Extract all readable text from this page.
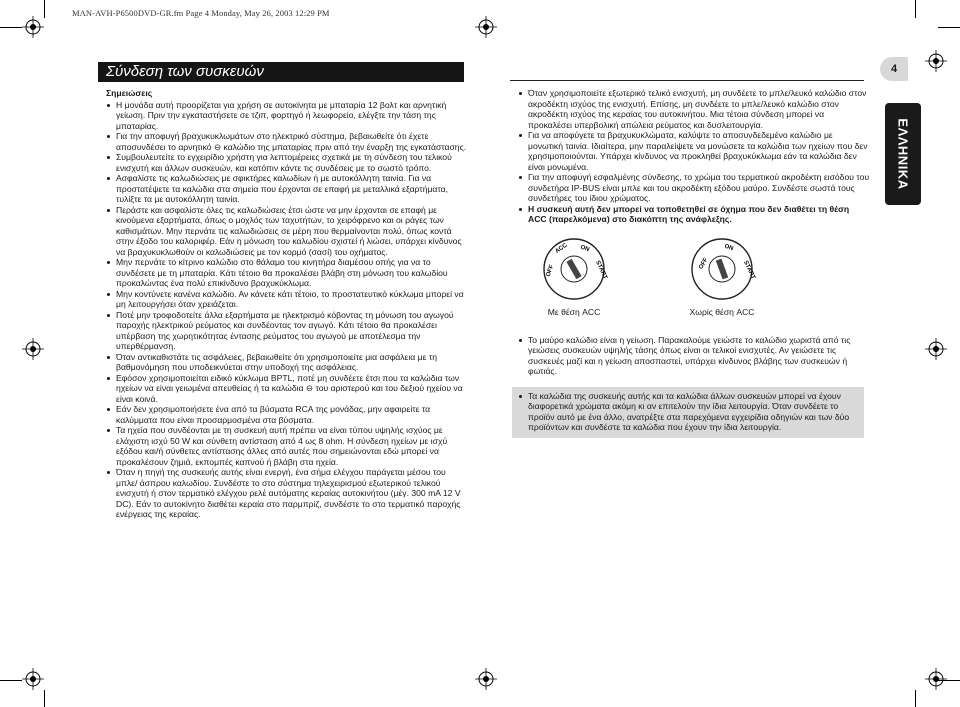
MAN-AVH-P6500DVD-GR.fm Page 4 Monday, May 26, 2003 12:29 PM
Σύνδεση των συσκευών	4
ΕΛΛΗΝΙΚΑ
Σημειώσεις
Η μονάδα αυτή προορίζεται για χρήση σε αυτοκίνητα με μπαταρία 12 βολτ και αρνητική γείωση. Πριν την εγκαταστήσετε σε τζιπ, φορτηγό ή λεωφορείο, ελέγξτε την τάση της μπαταρίας.
Για την αποφυγή βραχυκυκλωμάτων στο ηλεκτρικό σύστημα, βεβαιωθείτε ότι έχετε αποσυνδέσει το αρνητικό ⊖ καλώδιο της μπαταρίας πριν από την έναρξη της εγκατάστασης.
Συμβουλευτείτε το εγχειρίδιο χρήστη για λεπτομέρειες σχετικά με τη σύνδεση του τελικού ενισχυτή και άλλων συσκευών, και κατόπιν κάντε τις συνδέσεις με το σωστό τρόπο.
Ασφαλίστε τις καλωδιώσεις με σφικτήρες καλωδίων ή με αυτοκόλλητη ταινία. Για να προστατέψετε τα καλώδια στα σημεία που έρχονται σε επαφή με μεταλλικά εξαρτήματα, τυλίξτε τα με αυτοκόλλητη ταινία.
Περάστε και ασφαλίστε όλες τις καλωδιώσεις έτσι ώστε να μην έρχονται σε επαφή με κινούμενα εξαρτήματα, όπως ο μοχλός των ταχυτήτων, το χειρόφρενο και οι ράγες των καθισμάτων. Μην περνάτε τις καλωδιώσεις σε μέρη που θερμαίνονται πολύ, όπως κοντά στην έξοδο του καλοριφέρ. Εάν η μόνωση του καλωδίου σχιστεί ή λιώσει, υπάρχει κίνδυνος να βραχυκυκλωθούν οι καλωδιώσεις με τον κορμό (σασί) του οχήματος.
Μην περνάτε το κίτρινο καλώδιο στο θάλαμο του κινητήρα διαμέσου οπής για να το συνδέσετε με τη μπαταρία. Κάτι τέτοιο θα προκαλέσει βλάβη στη μόνωση του καλωδίου προκαλώντας ένα πολύ επικίνδυνο βραχυκύκλωμα.
Μην κοντύνετε κανένα καλώδιο. Αν κάνετε κάτι τέτοιο, το προστατευτικό κύκλωμα μπορεί να μη λειτουργήσει όταν χρειάζεται.
Ποτέ μην τροφοδοτείτε άλλα εξαρτήματα με ηλεκτρισμό κόβοντας τη μόνωση του αγωγού παροχής ηλεκτρικού ρεύματος και συνδέοντας τον αγωγό. Κάτι τέτοιο θα προκαλέσει υπέρβαση της χωρητικότητας έντασης ρεύματος του αγωγού με αποτέλεσμα την υπερθέρμανση.
Όταν αντικαθιστάτε τις ασφάλειες, βεβαιωθείτε ότι χρησιμοποιείτε μια ασφάλεια με τη βαθμονόμηση που υποδεικνύεται στην υποδοχή της ασφάλειας.
Εφόσον χρησιμοποιείται ειδικό κύκλωμα BPTL, ποτέ μη συνδέετε έτσι που τα καλώδια των ηχείων να είναι γειωμένα απευθείας ή τα καλώδια ⊖ του αριστερού και του δεξιού ηχείου να είναι κοινά.
Εάν δεν χρησιμοποιήσετε ένα από τα βύσματα RCA της μονάδας, μην αφαιρείτε τα καλύμματα που είναι προσαρμοσμένα στα βύσματα.
Τα ηχεία που συνδέονται με τη συσκευή αυτή πρέπει να είναι τύπου υψηλής ισχύος με ελάχιστη ισχύ 50 W και σύνθετη αντίσταση από 4 ως 8 ohm. Η σύνδεση ηχείων με ισχύ εξόδου και/ή σύνθετες αντίστασης άλλες από αυτές που σημειώνονται εδώ μπορεί να προκαλέσουν ζημιά, εκπομπές καπνού ή βλάβη στα ηχεία.
Όταν η πηγή της συσκευής αυτής είναι ενεργή, ένα σήμα ελέγχου παράγεται μέσου του μπλε/ άσπρου καλωδίου. Συνδέστε το στο σύστημα τηλεχειρισμού εξωτερικού τελικού ενισχυτή ή στον τερματικό ελέγχου ρελέ αυτόματης κεραίας αυτοκινήτου (μέγ. 300 mA 12 V DC). Εάν το αυτοκίνητο διαθέτει κεραία στο παρμπρίζ, συνδέστε το στο τερματικό παροχής ενέργειας της κεραίας.
Όταν χρησιμοποιείτε εξωτερικό τελικό ενισχυτή, μη συνδέετε το μπλε/λευκό καλώδιο στον ακροδέκτη ισχύος της ενισχυτή. Επίσης, μη συνδέετε το μπλε/λευκό καλώδιο στον ακροδέκτη ισχύος της κεραίας του αυτοκινήτου. Μια τέτοια σύνδεση μπορεί να προκαλέσει υπερβολική απώλεια ρεύματος και δυσλειτουργία.
Για να αποφύγετε τα βραχυκυκλώματα, καλύψτε το αποσυνδεδεμένο καλώδιο με μονωτική ταινία. Ιδιαίτερα, μην παραλείψετε να μονώσετε τα καλώδια των ηχείων που δεν χρησιμοποιούνται. Υπάρχει κίνδυνος να προκληθεί βραχυκύκλωμα εάν τα καλώδια δεν είναι μονωμένα.
Για την αποφυγή εσφαλμένης σύνδεσης, το χρώμα του τερματικού ακροδέκτη εισόδου του συνδετήρα IP-BUS είναι μπλε και του ακροδέκτη εξόδου μαύρο. Συνδέστε σωστά τους συνδετήρες του ίδιου χρώματος.
Η συσκευή αυτή δεν μπορεί να τοποθετηθεί σε όχημα που δεν διαθέτει τη θέση ACC (παρελκόμενα) στο διακόπτη της ανάφλεξης.
OFF
ACC ON
START	OFF
ON
START
Με θέση ACC	Χωρίς θέση ACC
Το μαύρο καλώδιο είναι η γείωση. Παρακαλούμε γειώστε το καλώδιο χωριστά από τις γειώσεις συσκευών υψηλής τάσης όπως είναι οι τελικοί ενισχυτές. Αν γειώσετε τις συσκευές μαζί και η γείωση αποσπαστεί, υπάρχει κίνδυνος βλάβης των συσκευών ή φωτιάς.
Τα καλώδια της συσκευής αυτής και τα καλώδια άλλων συσκευών μπορεί να έχουν διαφορετικά χρώματα ακόμη κι αν επιτελούν την ίδια λειτουργία. Όταν συνδέετε το προϊόν αυτό με ένα άλλο, ανατρέξτε στα παρεχόμενα εγχειρίδια οδηγιών και των δύο προϊόντων και συνδέστε τα καλώδια που έχουν την ίδια λειτουργία.
